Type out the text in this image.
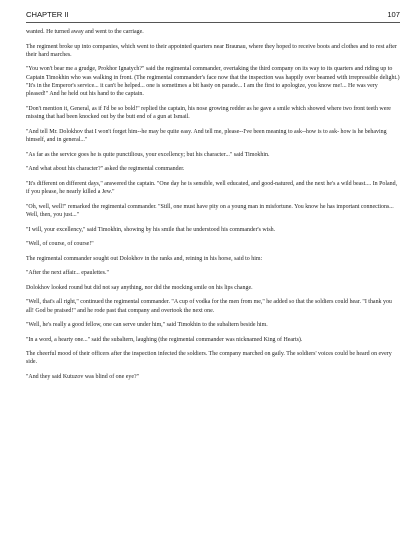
CHAPTER II	107

wanted. He turned away and went to the carriage.

The regiment broke up into companies, which went to their appointed quarters near Braunau, where they hoped to receive boots and clothes and to rest after their hard marches.

"You won't bear me a grudge, Prokhor Ignatych?" said the regimental commander, overtaking the third company on its way to its quarters and riding up to Captain Timokhin who was walking in front. (The regimental commander's face now that the inspection was happily over beamed with irrepressible delight.) "It's in the Emperor's service... it can't be helped... one is sometimes a bit hasty on parade... I am the first to apologize, you know me!... He was very pleased!" And he held out his hand to the captain.

"Don't mention it, General, as if I'd be so bold!" replied the captain, his nose growing redder as he gave a smile which showed where two front teeth were missing that had been knocked out by the butt end of a gun at Ismail.

"And tell Mr. Dolokhov that I won't forget him--he may be quite easy. And tell me, please--I've been meaning to ask--how is to ask- how is he behaving himself, and in general..."

"As far as the service goes he is quite punctilious, your excellency; but his character..." said Timokhin.

"And what about his character?" asked the regimental commander.

"It's different on different days," answered the captain. "One day he is sensible, well educated, and good-natured, and the next he's a wild beast.... In Poland, if you please, he nearly killed a Jew."

"Oh, well, well!" remarked the regimental commander. "Still, one must have pity on a young man in misfortune. You know he has important connections... Well, then, you just..."

"I will, your excellency," said Timokhin, showing by his smile that he understood his commander's wish.

"Well, of course, of course!"

The regimental commander sought out Dolokhov in the ranks and, reining in his horse, said to him:

"After the next affair... epaulettes."

Dolokhov looked round but did not say anything, nor did the mocking smile on his lips change.

"Well, that's all right," continued the regimental commander. "A cup of vodka for the men from me," he added so that the soldiers could hear. "I thank you all! God be praised!" and he rode past that company and overtook the next one.

"Well, he's really a good fellow, one can serve under him," said Timokhin to the subaltern beside him.

"In a word, a hearty one..." said the subaltern, laughing (the regimental commander was nicknamed King of Hearts).

The cheerful mood of their officers after the inspection infected the soldiers. The company marched on gaily. The soldiers' voices could be heard on every side.

"And they said Kutuzov was blind of one eye?"
